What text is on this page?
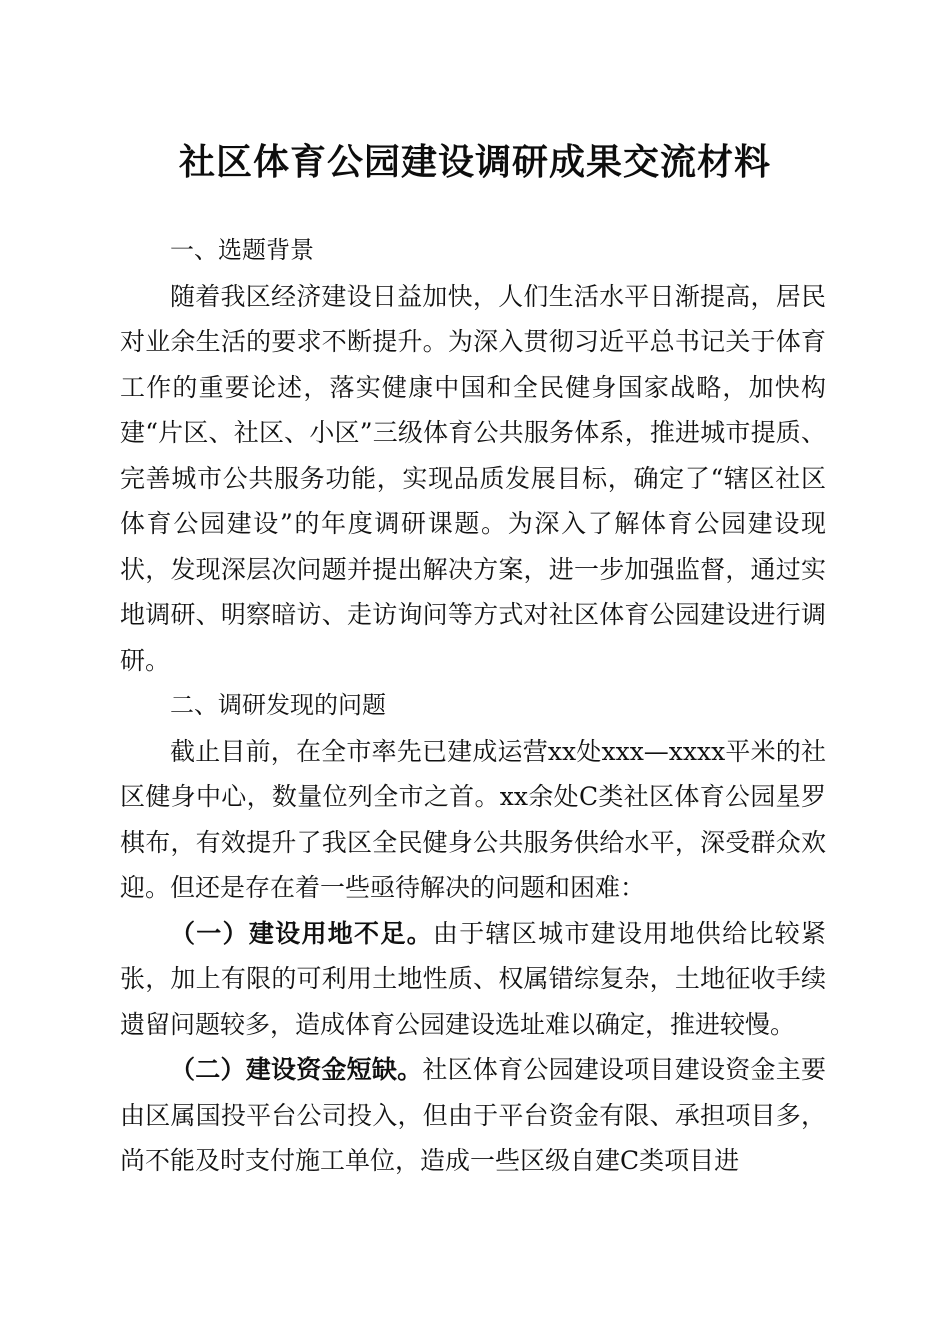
社区体育公园建设调研成果交流材料

一、选题背景

随着我区经济建设日益加快，人们生活水平日渐提高，居民对业余生活的要求不断提升。为深入贯彻习近平总书记关于体育工作的重要论述，落实健康中国和全民健身国家战略，加快构建“片区、社区、小区”三级体育公共服务体系，推进城市提质、完善城市公共服务功能，实现品质发展目标，确定了“辖区社区体育公园建设”的年度调研课题。为深入了解体育公园建设现状，发现深层次问题并提出解决方案，进一步加强监督，通过实地调研、明察暗访、走访询问等方式对社区体育公园建设进行调研。

二、调研发现的问题

截止目前，在全市率先已建成运营xx处xxx—xxxx平米的社区健身中心，数量位列全市之首。xx余处C类社区体育公园星罗棋布，有效提升了我区全民健身公共服务供给水平，深受群众欢迎。但还是存在着一些亟待解决的问题和困难：

（一）建设用地不足。由于辖区城市建设用地供给比较紧张，加上有限的可利用土地性质、权属错综复杂，土地征收手续遗留问题较多，造成体育公园建设选址难以确定，推进较慢。

（二）建设资金短缺。社区体育公园建设项目建设资金主要由区属国投平台公司投入，但由于平台资金有限、承担项目多，尚不能及时支付施工单位，造成一些区级自建C类项目进
